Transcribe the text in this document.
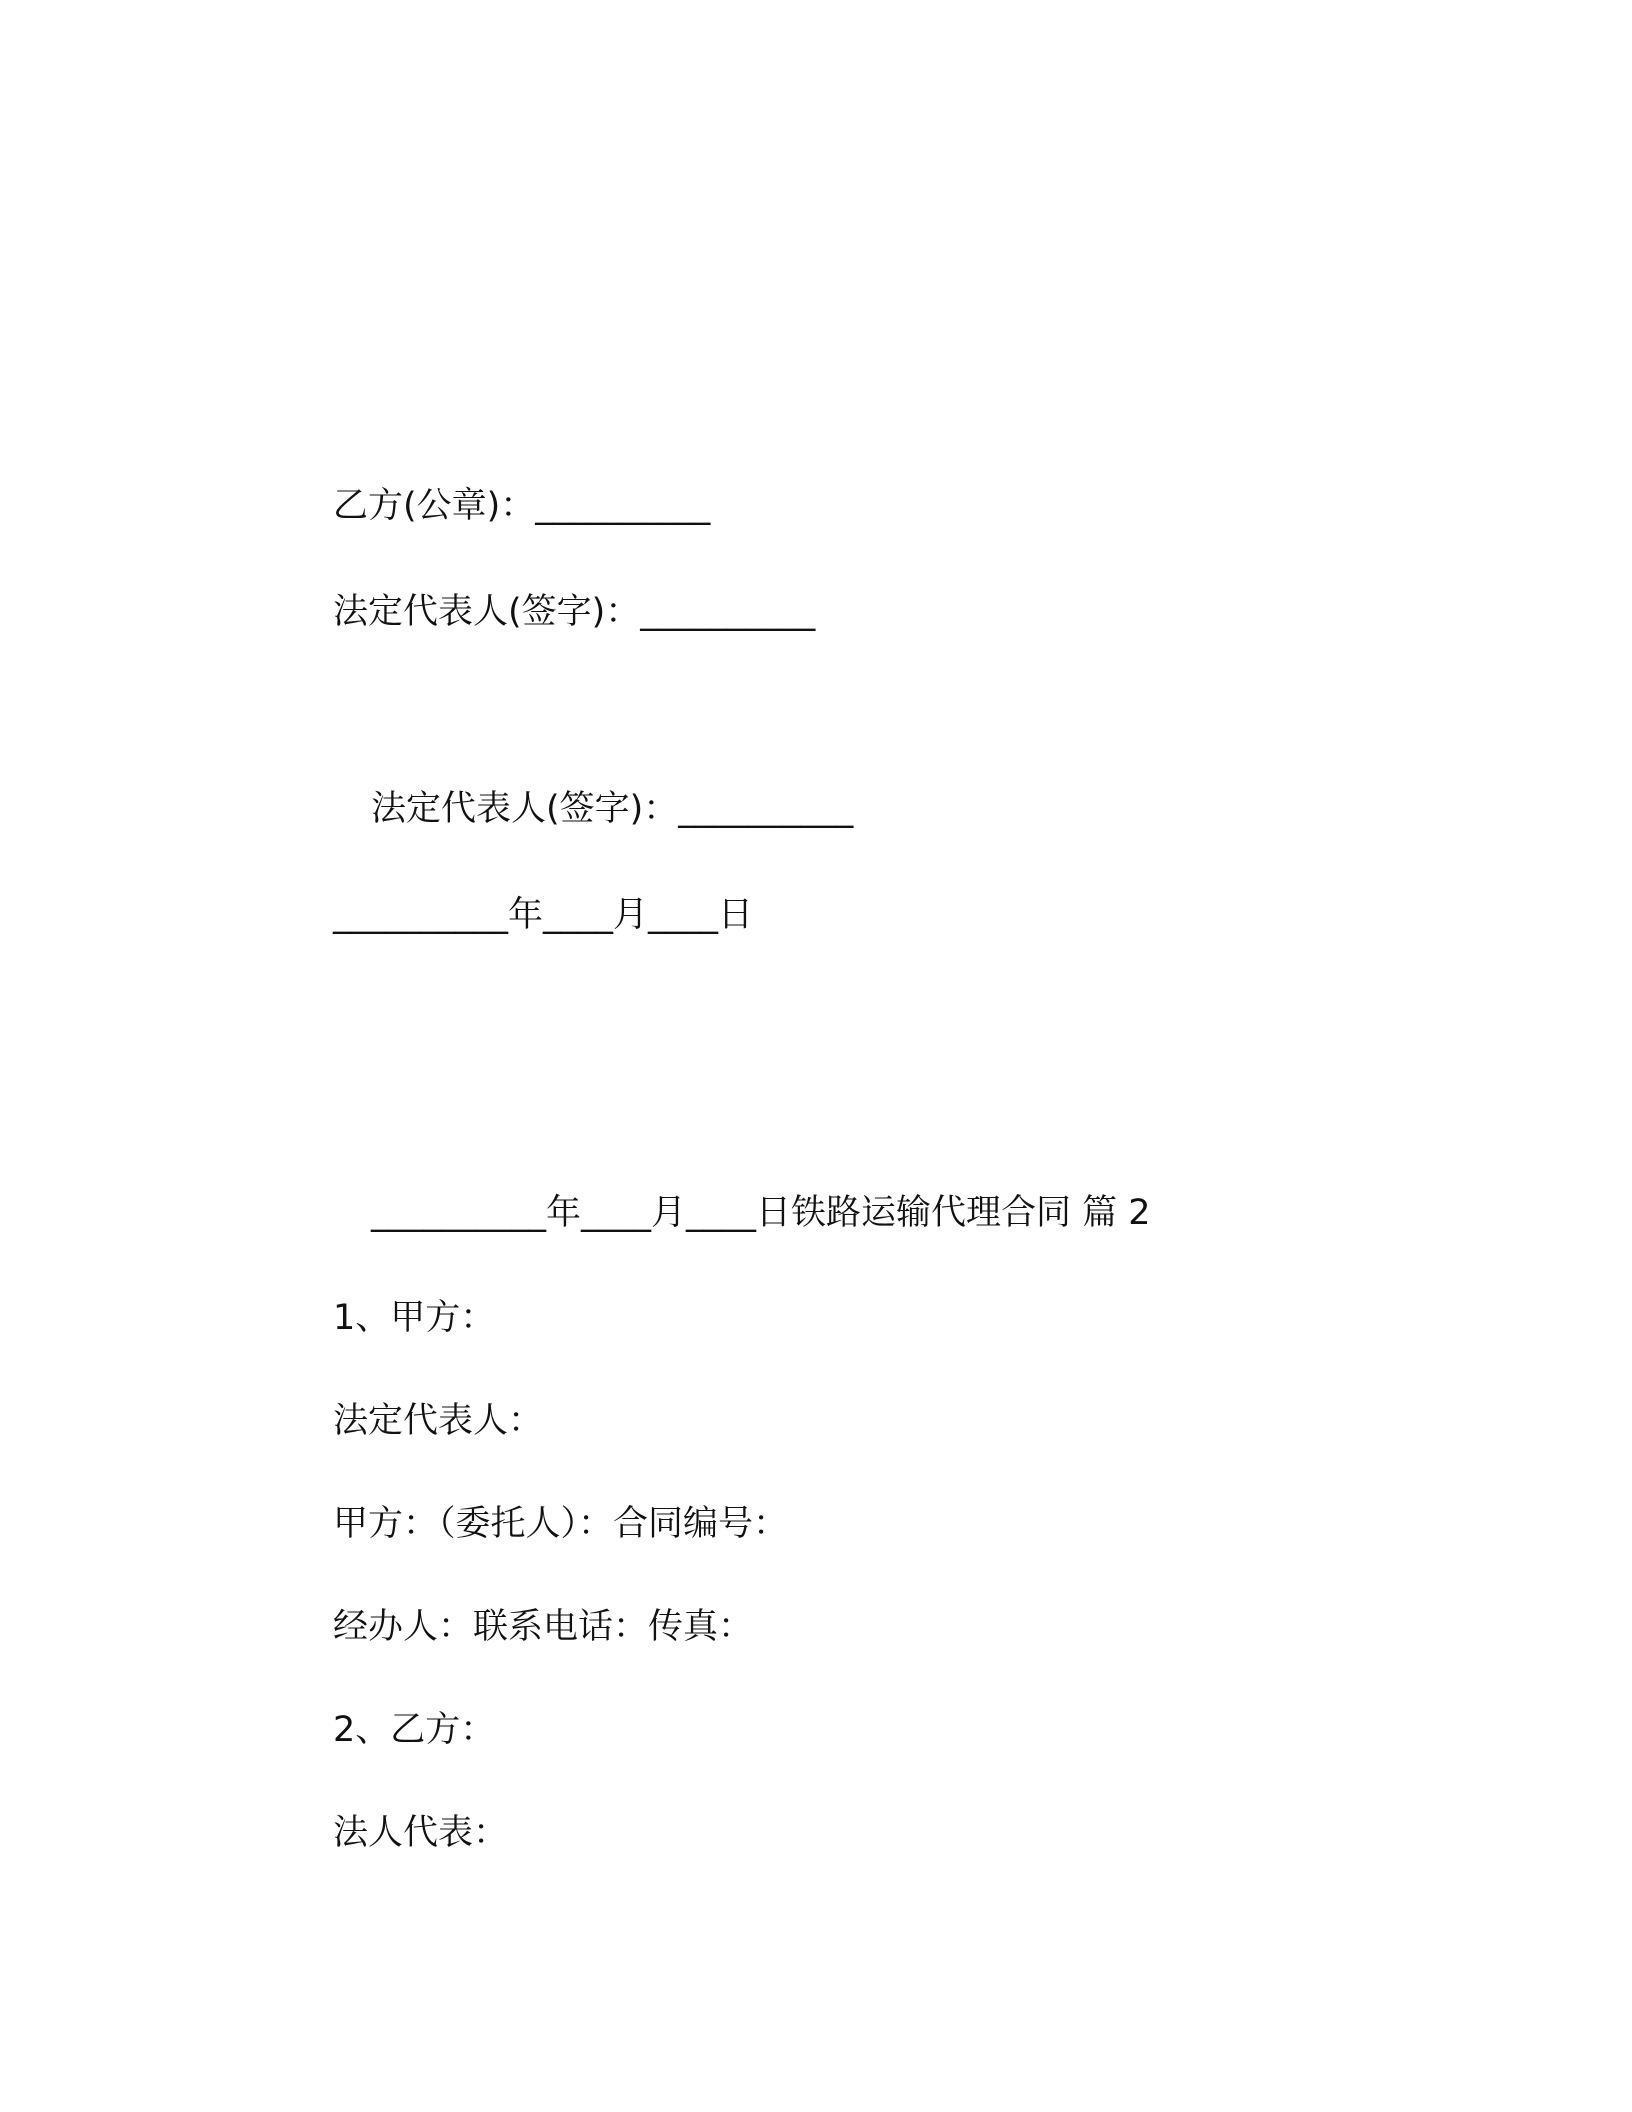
乙方(公章)：__________

法定代表人(签字)：__________

法定代表人(签字)：__________

__________年____月____日

__________年____月____日铁路运输代理合同 篇 2

1、甲方：

法定代表人：

甲方：（委托人）：合同编号：

经办人：联系电话：传真：

2、乙方：

法人代表：
